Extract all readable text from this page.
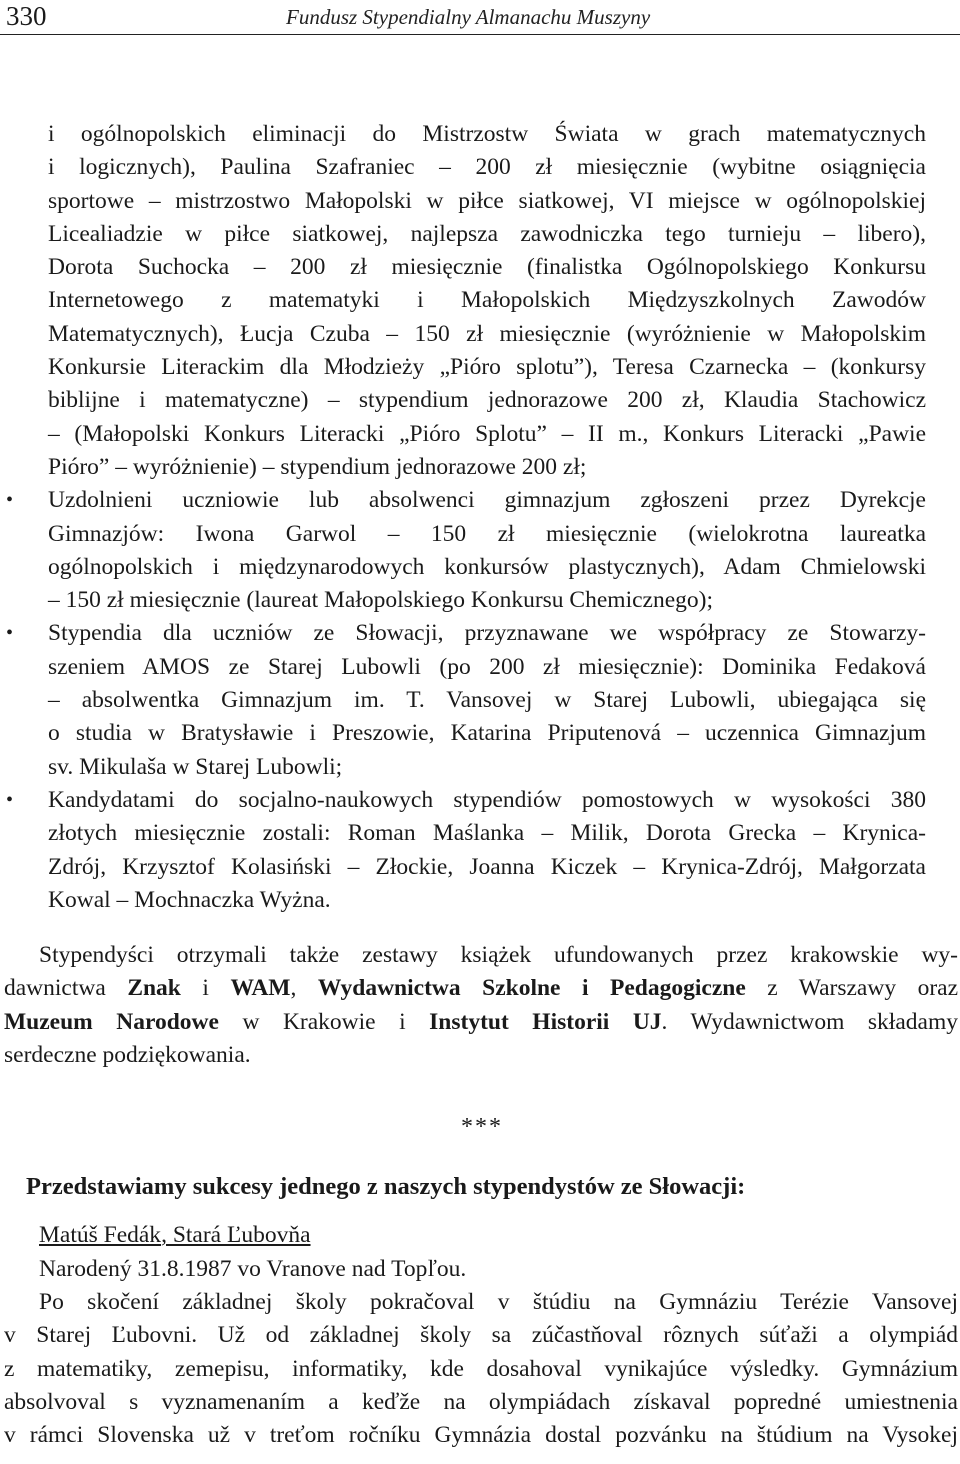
330	Fundusz Stypendialny Almanachu Muszyny
i ogólnopolskich eliminacji do Mistrzostw Świata w grach matematycznych
i logicznych), Paulina Szafraniec – 200 zł miesięcznie (wybitne osiągnięcia
sportowe – mistrzostwo Małopolski w piłce siatkowej, VI miejsce w ogólnopolskiej
Licealiadzie w piłce siatkowej, najlepsza zawodniczka tego turnieju – libero),
Dorota Suchocka – 200 zł miesięcznie (finalistka Ogólnopolskiego Konkursu
Internetowego z matematyki i Małopolskich Międzyszkolnych Zawodów
Matematycznych), Łucja Czuba – 150 zł miesięcznie (wyróżnienie w Małopolskim
Konkursie Literackim dla Młodzieży „Pióro splotu”), Teresa Czarnecka – (konkursy
biblijne i matematyczne) – stypendium jednorazowe 200 zł, Klaudia Stachowicz
– (Małopolski Konkurs Literacki „Pióro Splotu” – II m., Konkurs Literacki „Pawie
Pióro” – wyróżnienie) – stypendium jednorazowe 200 zł;
• Uzdolnieni uczniowie lub absolwenci gimnazjum zgłoszeni przez Dyrekcje
Gimnazjów: Iwona Garwol – 150 zł miesięcznie (wielokrotna laureatka
ogólnopolskich i międzynarodowych konkursów plastycznych), Adam Chmielowski
– 150 zł miesięcznie (laureat Małopolskiego Konkursu Chemicznego);
• Stypendia dla uczniów ze Słowacji, przyznawane we współpracy ze Stowarzy-
szeniem AMOS ze Starej Lubowli (po 200 zł miesięcznie): Dominika Fedaková
– absolwentka Gimnazjum im. T. Vansovej w Starej Lubowli, ubiegająca się
o studia w Bratysławie i Preszowie, Katarina Priputenová – uczennica Gimnazjum
sv. Mikulaša w Starej Lubowli;
• Kandydatami do socjalno-naukowych stypendiów pomostowych w wysokości 380
złotych miesięcznie zostali: Roman Maślanka – Milik, Dorota Grecka – Krynica-
Zdrój, Krzysztof Kolasiński – Złockie, Joanna Kiczek – Krynica-Zdrój, Małgorzata
Kowal – Mochnaczka Wyżna.
Stypendyści otrzymali także zestawy książek ufundowanych przez krakowskie wy-
dawnictwa Znak i WAM, Wydawnictwa Szkolne i Pedagogiczne z Warszawy oraz
Muzeum Narodowe w Krakowie i Instytut Historii UJ. Wydawnictwom składamy
serdeczne podziękowania.
***
Przedstawiamy sukcesy jednego z naszych stypendystów ze Słowacji:
Matúš Fedák, Stará Ľubovňa
Narodený 31.8.1987 vo Vranove nad Topľou.
Po skočení základnej školy pokračoval v štúdiu na Gymnáziu Terézie Vansovej
v Starej Ľubovni. Už od základnej školy sa zúčastňoval rôznych súťaži a olympiád
z matematiky, zemepisu, informatiky, kde dosahoval vynikajúce výsledky. Gymnázium
absolvoval s vyznamenaním a keďže na olympiádach získaval popredné umiestnenia
v rámci Slovenska už v treťom ročníku Gymnázia dostal pozvánku na štúdium na Vysokej
